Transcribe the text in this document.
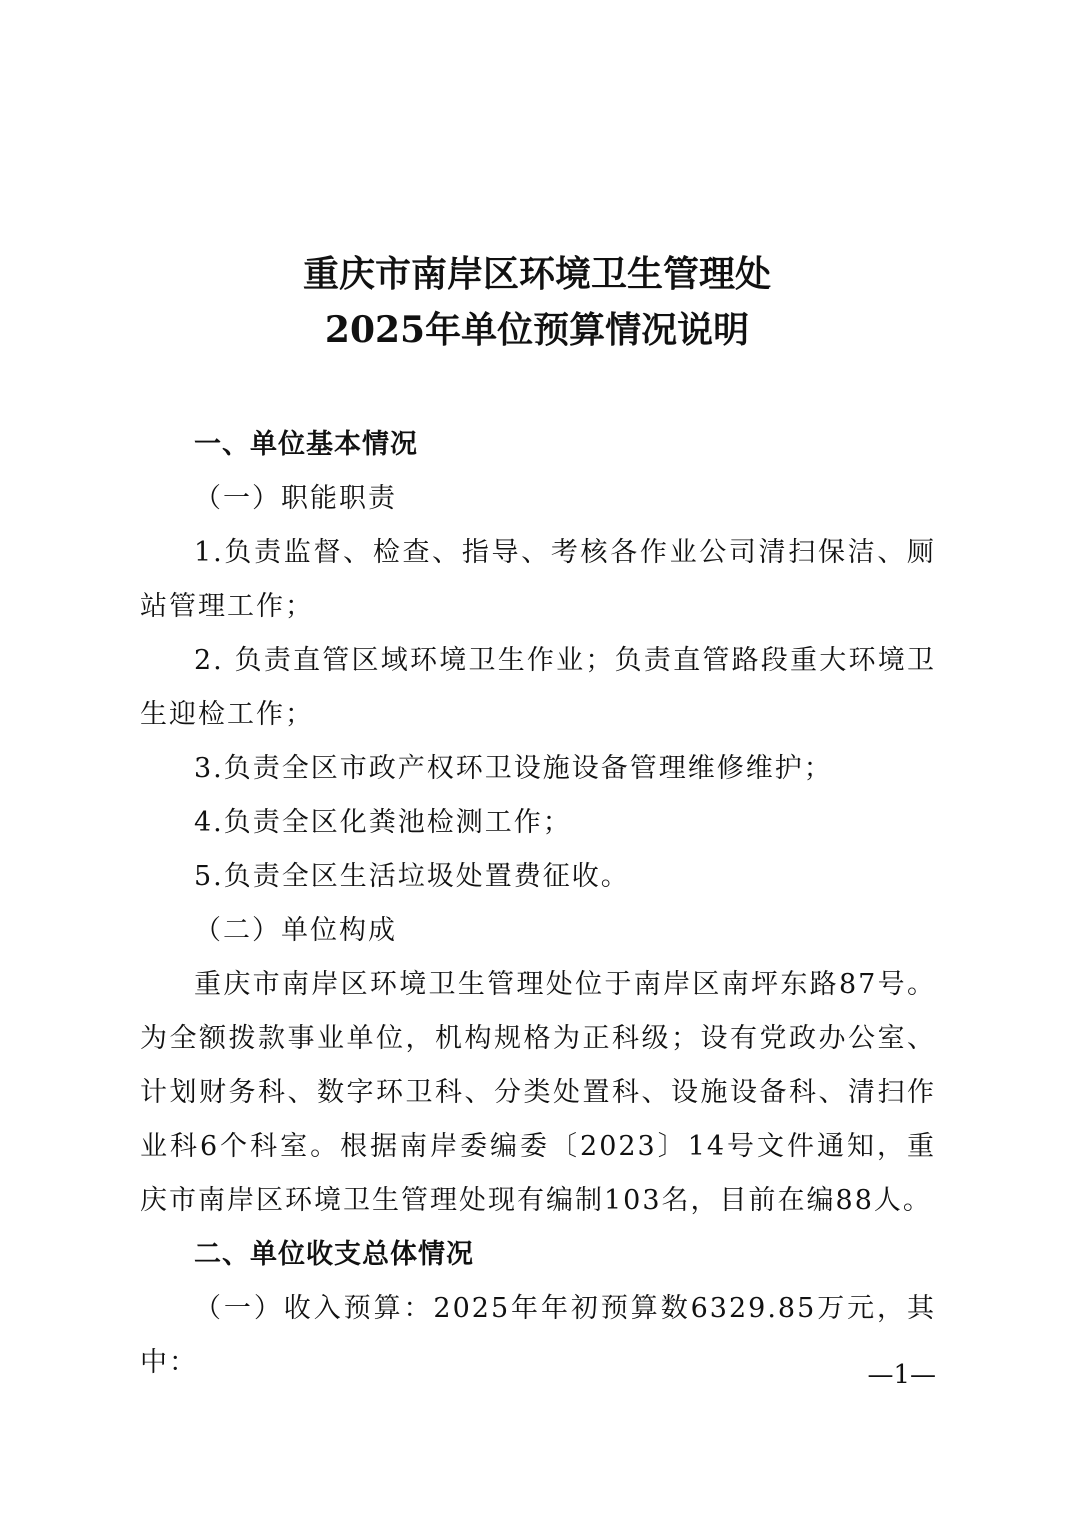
重庆市南岸区环境卫生管理处
2025年单位预算情况说明

一、单位基本情况

（一）职能职责

1.负责监督、检查、指导、考核各作业公司清扫保洁、厕站管理工作；

2. 负责直管区域环境卫生作业；负责直管路段重大环境卫生迎检工作；

3.负责全区市政产权环卫设施设备管理维修维护；

4.负责全区化粪池检测工作；

5.负责全区生活垃圾处置费征收。

（二）单位构成

重庆市南岸区环境卫生管理处位于南岸区南坪东路87号。为全额拨款事业单位，机构规格为正科级；设有党政办公室、计划财务科、数字环卫科、分类处置科、设施设备科、清扫作业科6个科室。根据南岸委编委〔2023〕14号文件通知，重庆市南岸区环境卫生管理处现有编制103名，目前在编88人。

二、单位收支总体情况

（一）收入预算：2025年年初预算数6329.85万元，其中：	—1—
